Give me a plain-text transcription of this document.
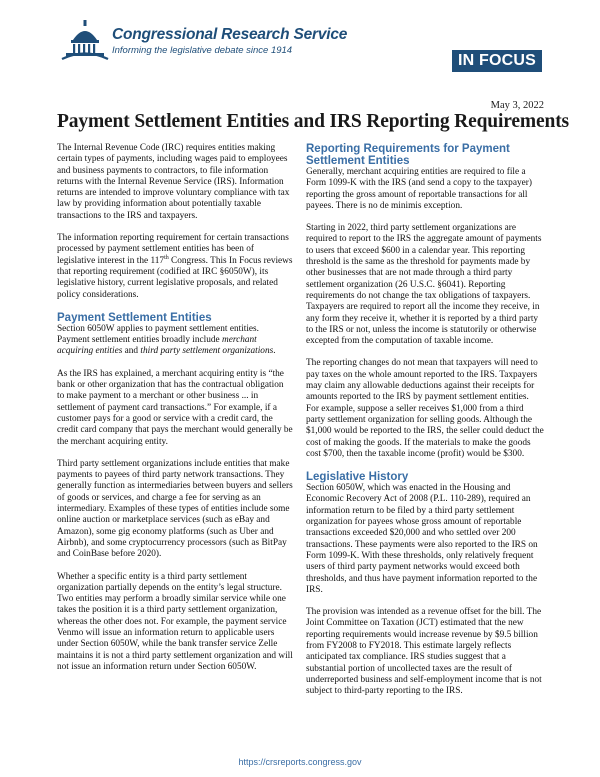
Congressional Research Service
Informing the legislative debate since 1914
IN FOCUS
May 3, 2022
Payment Settlement Entities and IRS Reporting Requirements

The Internal Revenue Code (IRC) requires entities making certain types of payments, including wages paid to employees and business payments to contractors, to file information returns with the Internal Revenue Service (IRS). Information returns are intended to improve voluntary compliance with tax law by providing information about potentially taxable transactions to the IRS and taxpayers.

The information reporting requirement for certain transactions processed by payment settlement entities has been of legislative interest in the 117th Congress. This In Focus reviews that reporting requirement (codified at IRC §6050W), its legislative history, current legislative proposals, and related policy considerations.

Payment Settlement Entities

Section 6050W applies to payment settlement entities. Payment settlement entities broadly include merchant acquiring entities and third party settlement organizations.

As the IRS has explained, a merchant acquiring entity is “the bank or other organization that has the contractual obligation to make payment to a merchant or other business ... in settlement of payment card transactions.” For example, if a customer pays for a good or service with a credit card, the credit card company that pays the merchant would generally be the merchant acquiring entity.

Third party settlement organizations include entities that make payments to payees of third party network transactions. They generally function as intermediaries between buyers and sellers of goods or services, and charge a fee for serving as an intermediary. Examples of these types of entities include some online auction or marketplace services (such as eBay and Amazon), some gig economy platforms (such as Uber and Airbnb), and some cryptocurrency processors (such as BitPay and CoinBase before 2020).

Whether a specific entity is a third party settlement organization partially depends on the entity’s legal structure. Two entities may perform a broadly similar service while one takes the position it is a third party settlement organization, whereas the other does not. For example, the payment service Venmo will issue an information return to applicable users under Section 6050W, while the bank transfer service Zelle maintains it is not a third party settlement organization and will not issue an information return under Section 6050W.

Reporting Requirements for Payment Settlement Entities

Generally, merchant acquiring entities are required to file a Form 1099-K with the IRS (and send a copy to the taxpayer) reporting the gross amount of reportable transactions for all payees. There is no de minimis exception.

Starting in 2022, third party settlement organizations are required to report to the IRS the aggregate amount of payments to users that exceed $600 in a calendar year. This reporting threshold is the same as the threshold for payments made by other businesses that are not made through a third party settlement organization (26 U.S.C. §6041). Reporting requirements do not change the tax obligations of taxpayers. Taxpayers are required to report all the income they receive, in any form they receive it, whether it is reported by a third party to the IRS or not, unless the income is statutorily or otherwise excepted from the computation of taxable income.

The reporting changes do not mean that taxpayers will need to pay taxes on the whole amount reported to the IRS. Taxpayers may claim any allowable deductions against their receipts for amounts reported to the IRS by payment settlement entities. For example, suppose a seller receives $1,000 from a third party settlement organization for selling goods. Although the $1,000 would be reported to the IRS, the seller could deduct the cost of making the goods. If the materials to make the goods cost $700, then the taxable income (profit) would be $300.

Legislative History

Section 6050W, which was enacted in the Housing and Economic Recovery Act of 2008 (P.L. 110-289), required an information return to be filed by a third party settlement organization for payees whose gross amount of reportable transactions exceeded $20,000 and who settled over 200 transactions. These payments were also reported to the IRS on Form 1099-K. With these thresholds, only relatively frequent users of third party payment networks would exceed both thresholds, and thus have payment information reported to the IRS.

The provision was intended as a revenue offset for the bill. The Joint Committee on Taxation (JCT) estimated that the new reporting requirements would increase revenue by $9.5 billion from FY2008 to FY2018. This estimate largely reflects anticipated tax compliance. IRS studies suggest that a substantial portion of uncollected taxes are the result of underreported business and self-employment income that is not subject to third-party reporting to the IRS.

https://crsreports.congress.gov
